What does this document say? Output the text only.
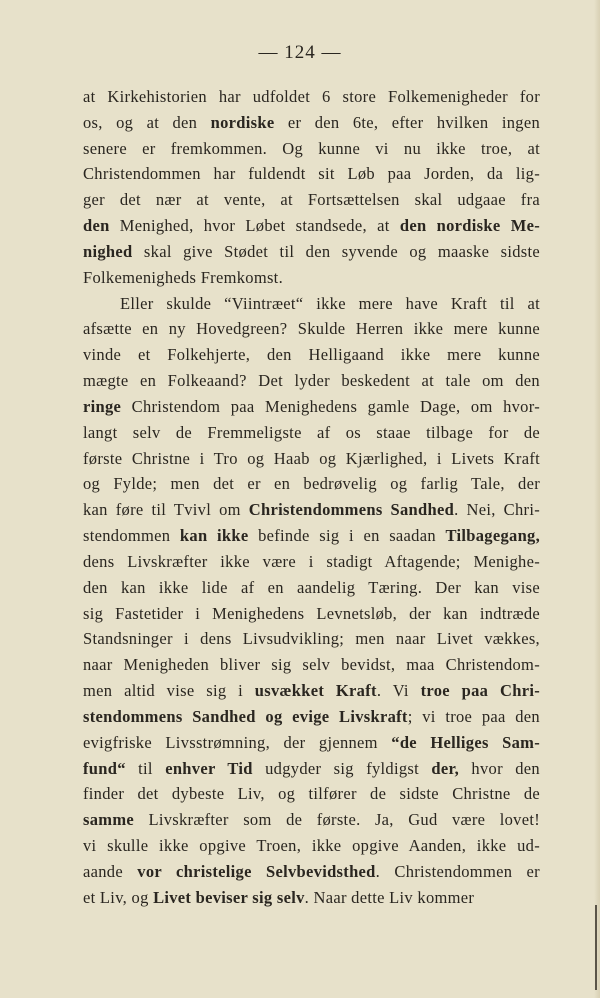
— 124 —
at Kirkehistorien har udfoldet 6 store Folkemenigheder for
os, og at den nordiske er den 6te, efter hvilken ingen
senere er fremkommen. Og kunne vi nu ikke troe, at
Christendommen har fuldendt sit Løb paa Jorden, da lig-
ger det nær at vente, at Fortsættelsen skal udgaae fra
den Menighed, hvor Løbet standsede, at den nordiske Me-
nighed skal give Stødet til den syvende og maaske sidste
Folkemenigheds Fremkomst.
Eller skulde “Viintræet“ ikke mere have Kraft til at
afsætte en ny Hovedgreen? Skulde Herren ikke mere kunne
vinde et Folkehjerte, den Helligaand ikke mere kunne
mægte en Folkeaand? Det lyder beskedent at tale om den
ringe Christendom paa Menighedens gamle Dage, om hvor-
langt selv de Fremmeligste af os staae tilbage for de
første Christne i Tro og Haab og Kjærlighed, i Livets Kraft
og Fylde; men det er en bedrøvelig og farlig Tale, der
kan føre til Tvivl om Christendommens Sandhed. Nei, Chri-
stendommen kan ikke befinde sig i en saadan Tilbagegang,
dens Livskræfter ikke være i stadigt Aftagende; Menighe-
den kan ikke lide af en aandelig Tæring. Der kan vise
sig Fastetider i Menighedens Levnetsløb, der kan indtræde
Standsninger i dens Livsudvikling; men naar Livet vækkes,
naar Menigheden bliver sig selv bevidst, maa Christendom-
men altid vise sig i usvækket Kraft. Vi troe paa Chri-
stendommens Sandhed og evige Livskraft; vi troe paa den
evigfriske Livsstrømning, der gjennem “de Helliges Sam-
fund“ til enhver Tid udgyder sig fyldigst der, hvor den
finder det dybeste Liv, og tilfører de sidste Christne de
samme Livskræfter som de første. Ja, Gud være lovet!
vi skulle ikke opgive Troen, ikke opgive Aanden, ikke ud-
aande vor christelige Selvbevidsthed. Christendommen er
et Liv, og Livet beviser sig selv. Naar dette Liv kommer
